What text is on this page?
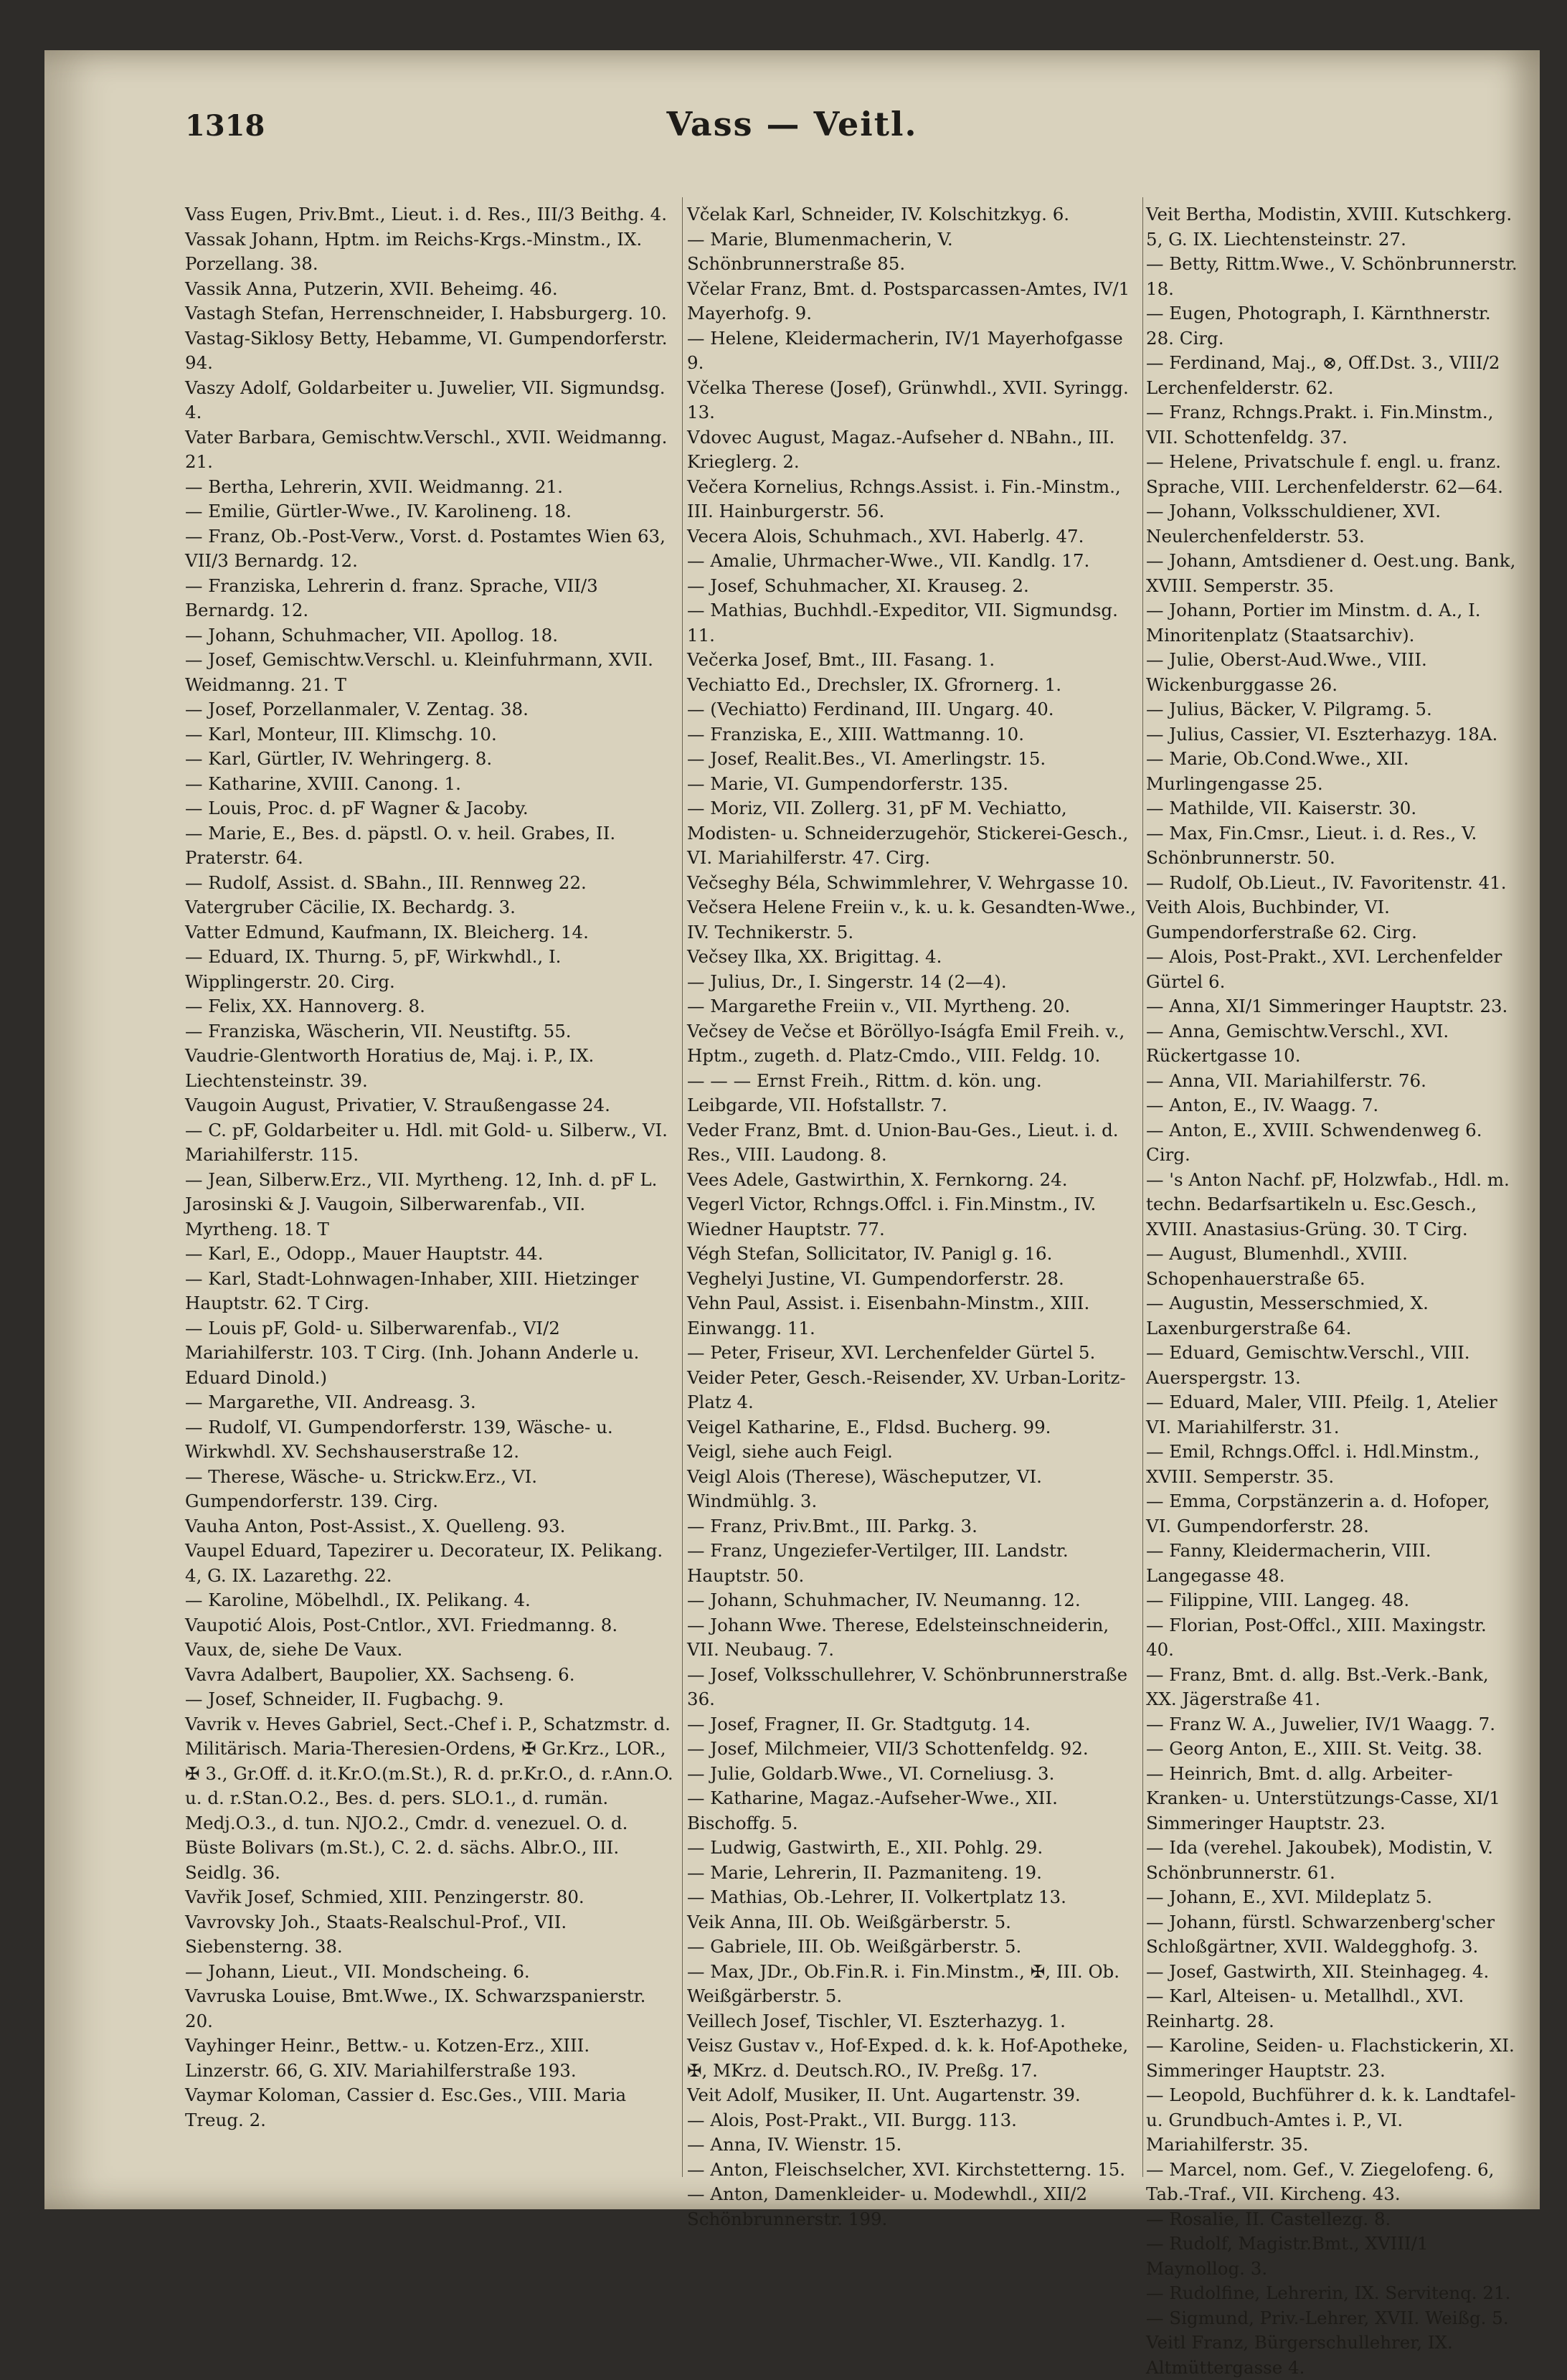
1318	Vass — Veitl.

Vass Eugen, Priv.Bmt., Lieut. i. d. Res., III/3 Beithg. 4.

Vassak Johann, Hptm. im Reichs-Krgs.-Minstm., IX. Porzellang. 38.

Vassik Anna, Putzerin, XVII. Beheimg. 46.

Vastagh Stefan, Herrenschneider, I. Habsburgerg. 10.

Vastag-Siklosy Betty, Hebamme, VI. Gumpendorferstr. 94.

Vaszy Adolf, Goldarbeiter u. Juwelier, VII. Sigmundsg. 4.

Vater Barbara, Gemischtw.Verschl., XVII. Weidmanng. 21.

— Bertha, Lehrerin, XVII. Weidmanng. 21.

— Emilie, Gürtler-Wwe., IV. Karolineng. 18.

— Franz, Ob.-Post-Verw., Vorst. d. Postamtes Wien 63, VII/3 Bernardg. 12.

— Franziska, Lehrerin d. franz. Sprache, VII/3 Bernardg. 12.

— Johann, Schuhmacher, VII. Apollog. 18.

— Josef, Gemischtw.Verschl. u. Kleinfuhrmann, XVII. Weidmanng. 21. T

— Josef, Porzellanmaler, V. Zentag. 38.

— Karl, Monteur, III. Klimschg. 10.

— Karl, Gürtler, IV. Wehringerg. 8.

— Katharine, XVIII. Canong. 1.

— Louis, Proc. d. pF Wagner & Jacoby.

— Marie, E., Bes. d. päpstl. O. v. heil. Grabes, II. Praterstr. 64.

— Rudolf, Assist. d. SBahn., III. Rennweg 22.

Vatergruber Cäcilie, IX. Bechardg. 3.

Vatter Edmund, Kaufmann, IX. Bleicherg. 14.

— Eduard, IX. Thurng. 5, pF, Wirkwhdl., I. Wipplingerstr. 20. Cirg.

— Felix, XX. Hannoverg. 8.

— Franziska, Wäscherin, VII. Neustiftg. 55.

Vaudrie-Glentworth Horatius de, Maj. i. P., IX. Liechtensteinstr. 39.

Vaugoin August, Privatier, V. Straußengasse 24.

— C. pF, Goldarbeiter u. Hdl. mit Gold- u. Silberw., VI. Mariahilferstr. 115.

— Jean, Silberw.Erz., VII. Myrtheng. 12, Inh. d. pF L. Jarosinski & J. Vaugoin, Silberwarenfab., VII. Myrtheng. 18. T

— Karl, E., Odopp., Mauer Hauptstr. 44.

— Karl, Stadt-Lohnwagen-Inhaber, XIII. Hietzinger Hauptstr. 62. T Cirg.

— Louis pF, Gold- u. Silberwarenfab., VI/2 Mariahilferstr. 103. T Cirg. (Inh. Johann Anderle u. Eduard Dinold.)

— Margarethe, VII. Andreasg. 3.

— Rudolf, VI. Gumpendorferstr. 139, Wäsche- u. Wirkwhdl. XV. Sechshauserstraße 12.

— Therese, Wäsche- u. Strickw.Erz., VI. Gumpendorferstr. 139. Cirg.

Vauha Anton, Post-Assist., X. Quelleng. 93.

Vaupel Eduard, Tapezirer u. Decorateur, IX. Pelikang. 4, G. IX. Lazarethg. 22.

— Karoline, Möbelhdl., IX. Pelikang. 4.

Vaupotić Alois, Post-Cntlor., XVI. Friedmanng. 8.

Vaux, de, siehe De Vaux.

Vavra Adalbert, Baupolier, XX. Sachseng. 6.

— Josef, Schneider, II. Fugbachg. 9.

Vavrik v. Heves Gabriel, Sect.-Chef i. P., Schatzmstr. d. Militärisch. Maria-Theresien-Ordens, ✠ Gr.Krz., LOR., ✠ 3., Gr.Off. d. it.Kr.O.(m.St.), R. d. pr.Kr.O., d. r.Ann.O. u. d. r.Stan.O.2., Bes. d. pers. SLO.1., d. rumän. Medj.O.3., d. tun. NJO.2., Cmdr. d. venezuel. O. d. Büste Bolivars (m.St.), C. 2. d. sächs. Albr.O., III. Seidlg. 36.

Vavřik Josef, Schmied, XIII. Penzingerstr. 80.

Vavrovsky Joh., Staats-Realschul-Prof., VII. Siebensterng. 38.

— Johann, Lieut., VII. Mondscheing. 6.

Vavruska Louise, Bmt.Wwe., IX. Schwarzspanierstr. 20.

Vayhinger Heinr., Bettw.- u. Kotzen-Erz., XIII. Linzerstr. 66, G. XIV. Mariahilferstraße 193.

Vaymar Koloman, Cassier d. Esc.Ges., VIII. Maria Treug. 2.

Včelak Karl, Schneider, IV. Kolschitzkyg. 6.

— Marie, Blumenmacherin, V. Schönbrunnerstraße 85.

Včelar Franz, Bmt. d. Postsparcassen-Amtes, IV/1 Mayerhofg. 9.

— Helene, Kleidermacherin, IV/1 Mayerhofgasse 9.

Včelka Therese (Josef), Grünwhdl., XVII. Syringg. 13.

Vdovec August, Magaz.-Aufseher d. NBahn., III. Krieglerg. 2.

Večera Kornelius, Rchngs.Assist. i. Fin.-Minstm., III. Hainburgerstr. 56.

Vecera Alois, Schuhmach., XVI. Haberlg. 47.

— Amalie, Uhrmacher-Wwe., VII. Kandlg. 17.

— Josef, Schuhmacher, XI. Krauseg. 2.

— Mathias, Buchhdl.-Expeditor, VII. Sigmundsg. 11.

Večerka Josef, Bmt., III. Fasang. 1.

Vechiatto Ed., Drechsler, IX. Gfrornerg. 1.

— (Vechiatto) Ferdinand, III. Ungarg. 40.

— Franziska, E., XIII. Wattmanng. 10.

— Josef, Realit.Bes., VI. Amerlingstr. 15.

— Marie, VI. Gumpendorferstr. 135.

— Moriz, VII. Zollerg. 31, pF M. Vechiatto, Modisten- u. Schneiderzugehör, Stickerei-Gesch., VI. Mariahilferstr. 47. Cirg.

Večseghy Béla, Schwimmlehrer, V. Wehrgasse 10.

Večsera Helene Freiin v., k. u. k. Gesandten-Wwe., IV. Technikerstr. 5.

Večsey Ilka, XX. Brigittag. 4.

— Julius, Dr., I. Singerstr. 14 (2—4).

— Margarethe Freiin v., VII. Myrtheng. 20.

Večsey de Večse et Böröllyo-Iságfa Emil Freih. v., Hptm., zugeth. d. Platz-Cmdo., VIII. Feldg. 10.

— — — Ernst Freih., Rittm. d. kön. ung. Leibgarde, VII. Hofstallstr. 7.

Veder Franz, Bmt. d. Union-Bau-Ges., Lieut. i. d. Res., VIII. Laudong. 8.

Vees Adele, Gastwirthin, X. Fernkorng. 24.

Vegerl Victor, Rchngs.Offcl. i. Fin.Minstm., IV. Wiedner Hauptstr. 77.

Végh Stefan, Sollicitator, IV. Panigl g. 16.

Veghelyi Justine, VI. Gumpendorferstr. 28.

Vehn Paul, Assist. i. Eisenbahn-Minstm., XIII. Einwangg. 11.

— Peter, Friseur, XVI. Lerchenfelder Gürtel 5.

Veider Peter, Gesch.-Reisender, XV. Urban-Loritz-Platz 4.

Veigel Katharine, E., Fldsd. Bucherg. 99.

Veigl, siehe auch Feigl.

Veigl Alois (Therese), Wäscheputzer, VI. Windmühlg. 3.

— Franz, Priv.Bmt., III. Parkg. 3.

— Franz, Ungeziefer-Vertilger, III. Landstr. Hauptstr. 50.

— Johann, Schuhmacher, IV. Neumanng. 12.

— Johann Wwe. Therese, Edelsteinschneiderin, VII. Neubaug. 7.

— Josef, Volksschullehrer, V. Schönbrunnerstraße 36.

— Josef, Fragner, II. Gr. Stadtgutg. 14.

— Josef, Milchmeier, VII/3 Schottenfeldg. 92.

— Julie, Goldarb.Wwe., VI. Corneliusg. 3.

— Katharine, Magaz.-Aufseher-Wwe., XII. Bischoffg. 5.

— Ludwig, Gastwirth, E., XII. Pohlg. 29.

— Marie, Lehrerin, II. Pazmaniteng. 19.

— Mathias, Ob.-Lehrer, II. Volkertplatz 13.

Veik Anna, III. Ob. Weißgärberstr. 5.

— Gabriele, III. Ob. Weißgärberstr. 5.

— Max, JDr., Ob.Fin.R. i. Fin.Minstm., ✠, III. Ob. Weißgärberstr. 5.

Veillech Josef, Tischler, VI. Eszterhazyg. 1.

Veisz Gustav v., Hof-Exped. d. k. k. Hof-Apotheke, ✠, MKrz. d. Deutsch.RO., IV. Preßg. 17.

Veit Adolf, Musiker, II. Unt. Augartenstr. 39.

— Alois, Post-Prakt., VII. Burgg. 113.

— Anna, IV. Wienstr. 15.

— Anton, Fleischselcher, XVI. Kirchstetterng. 15.

— Anton, Damenkleider- u. Modewhdl., XII/2 Schönbrunnerstr. 199.

Veit Bertha, Modistin, XVIII. Kutschkerg. 5, G. IX. Liechtensteinstr. 27.

— Betty, Rittm.Wwe., V. Schönbrunnerstr. 18.

— Eugen, Photograph, I. Kärnthnerstr. 28. Cirg.

— Ferdinand, Maj., ⊗, Off.Dst. 3., VIII/2 Lerchenfelderstr. 62.

— Franz, Rchngs.Prakt. i. Fin.Minstm., VII. Schottenfeldg. 37.

— Helene, Privatschule f. engl. u. franz. Sprache, VIII. Lerchenfelderstr. 62—64.

— Johann, Volksschuldiener, XVI. Neulerchenfelderstr. 53.

— Johann, Amtsdiener d. Oest.ung. Bank, XVIII. Semperstr. 35.

— Johann, Portier im Minstm. d. A., I. Minoritenplatz (Staatsarchiv).

— Julie, Oberst-Aud.Wwe., VIII. Wickenburggasse 26.

— Julius, Bäcker, V. Pilgramg. 5.

— Julius, Cassier, VI. Eszterhazyg. 18A.

— Marie, Ob.Cond.Wwe., XII. Murlingengasse 25.

— Mathilde, VII. Kaiserstr. 30.

— Max, Fin.Cmsr., Lieut. i. d. Res., V. Schönbrunnerstr. 50.

— Rudolf, Ob.Lieut., IV. Favoritenstr. 41.

Veith Alois, Buchbinder, VI. Gumpendorferstraße 62. Cirg.

— Alois, Post-Prakt., XVI. Lerchenfelder Gürtel 6.

— Anna, XI/1 Simmeringer Hauptstr. 23.

— Anna, Gemischtw.Verschl., XVI. Rückertgasse 10.

— Anna, VII. Mariahilferstr. 76.

— Anton, E., IV. Waagg. 7.

— Anton, E., XVIII. Schwendenweg 6. Cirg.

— 's Anton Nachf. pF, Holzwfab., Hdl. m. techn. Bedarfsartikeln u. Esc.Gesch., XVIII. Anastasius-Grüng. 30. T Cirg.

— August, Blumenhdl., XVIII. Schopenhauerstraße 65.

— Augustin, Messerschmied, X. Laxenburgerstraße 64.

— Eduard, Gemischtw.Verschl., VIII. Auerspergstr. 13.

— Eduard, Maler, VIII. Pfeilg. 1, Atelier VI. Mariahilferstr. 31.

— Emil, Rchngs.Offcl. i. Hdl.Minstm., XVIII. Semperstr. 35.

— Emma, Corpstänzerin a. d. Hofoper, VI. Gumpendorferstr. 28.

— Fanny, Kleidermacherin, VIII. Langegasse 48.

— Filippine, VIII. Langeg. 48.

— Florian, Post-Offcl., XIII. Maxingstr. 40.

— Franz, Bmt. d. allg. Bst.-Verk.-Bank, XX. Jägerstraße 41.

— Franz W. A., Juwelier, IV/1 Waagg. 7.

— Georg Anton, E., XIII. St. Veitg. 38.

— Heinrich, Bmt. d. allg. Arbeiter-Kranken- u. Unterstützungs-Casse, XI/1 Simmeringer Hauptstr. 23.

— Ida (verehel. Jakoubek), Modistin, V. Schönbrunnerstr. 61.

— Johann, E., XVI. Mildeplatz 5.

— Johann, fürstl. Schwarzenberg'scher Schloßgärtner, XVII. Waldegghofg. 3.

— Josef, Gastwirth, XII. Steinhageg. 4.

— Karl, Alteisen- u. Metallhdl., XVI. Reinhartg. 28.

— Karoline, Seiden- u. Flachstickerin, XI. Simmeringer Hauptstr. 23.

— Leopold, Buchführer d. k. k. Landtafel- u. Grundbuch-Amtes i. P., VI. Mariahilferstr. 35.

— Marcel, nom. Gef., V. Ziegelofeng. 6, Tab.-Traf., VII. Kircheng. 43.

— Rosalie, II. Castellezg. 8.

— Rudolf, Magistr.Bmt., XVIII/1 Maynollog. 3.

— Rudolfine, Lehrerin, IX. Servitenq. 21.

— Sigmund, Priv.-Lehrer, XVII. Weißg. 5.

Veitl Franz, Bürgerschullehrer, IX. Altmüttergasse 4.
